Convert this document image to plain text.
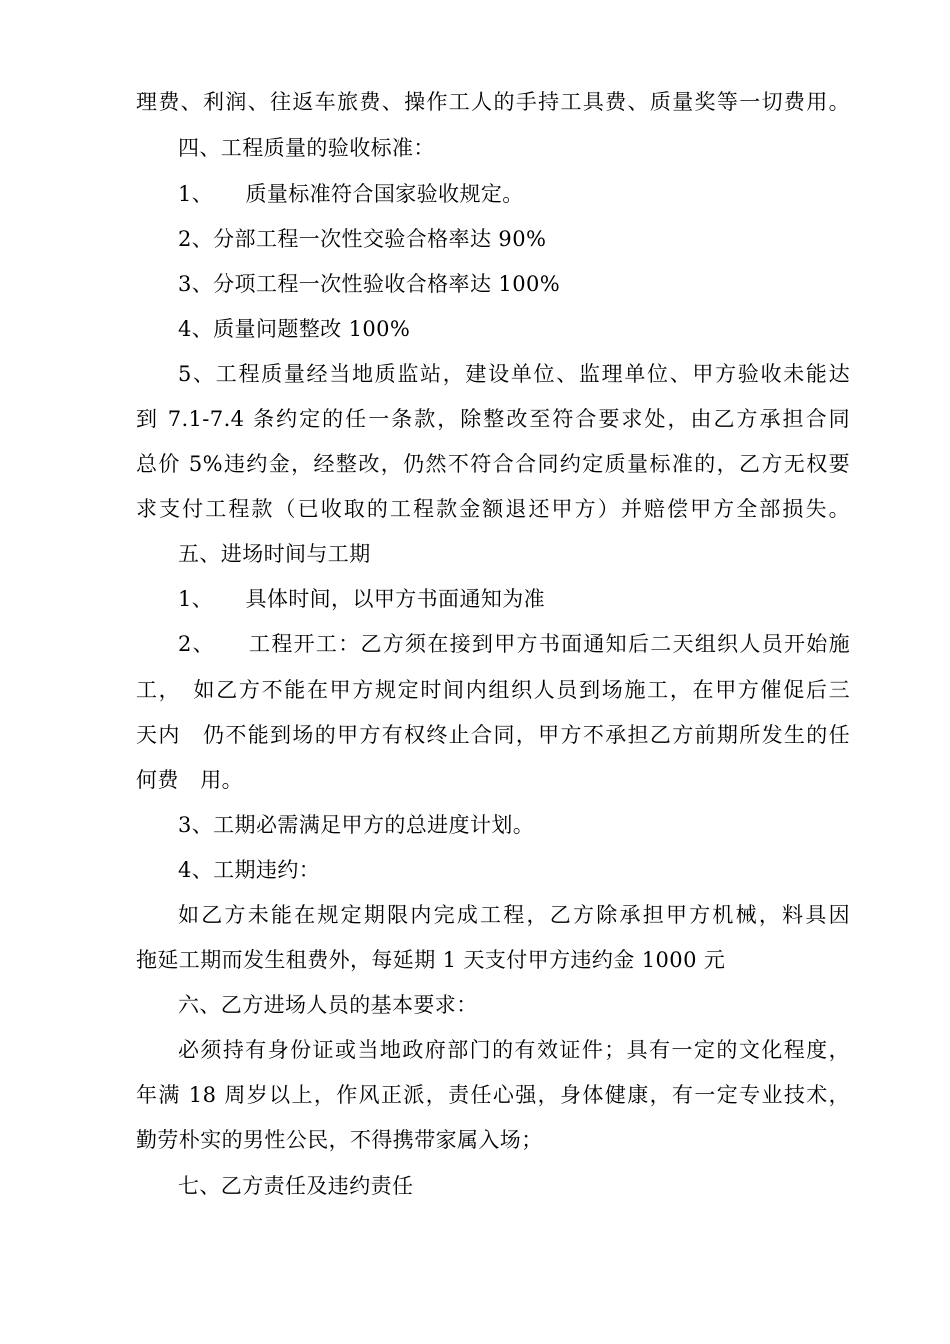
理费、利润、往返车旅费、操作工人的手持工具费、质量奖等一切费用。
四、工程质量的验收标准：
1、　　质量标准符合国家验收规定。
2、分部工程一次性交验合格率达 90%
3、分项工程一次性验收合格率达 100%
4、质量问题整改 100%
5、工程质量经当地质监站，建设单位、监理单位、甲方验收未能达
到 7.1-7.4 条约定的任一条款，除整改至符合要求处，由乙方承担合同
总价 5%违约金，经整改，仍然不符合合同约定质量标准的，乙方无权要
求支付工程款（已收取的工程款金额退还甲方）并赔偿甲方全部损失。
五、进场时间与工期
1、　　具体时间，以甲方书面通知为准
2、　　工程开工：乙方须在接到甲方书面通知后二天组织人员开始施
工，　如乙方不能在甲方规定时间内组织人员到场施工，在甲方催促后三
天内　仍不能到场的甲方有权终止合同，甲方不承担乙方前期所发生的任
何费　用。
3、工期必需满足甲方的总进度计划。
4、工期违约：
如乙方未能在规定期限内完成工程，乙方除承担甲方机械，料具因
拖延工期而发生租费外，每延期 1 天支付甲方违约金 1000 元
六、乙方进场人员的基本要求：
必须持有身份证或当地政府部门的有效证件；具有一定的文化程度，
年满 18 周岁以上，作风正派，责任心强，身体健康，有一定专业技术，
勤劳朴实的男性公民，不得携带家属入场；
七、乙方责任及违约责任
